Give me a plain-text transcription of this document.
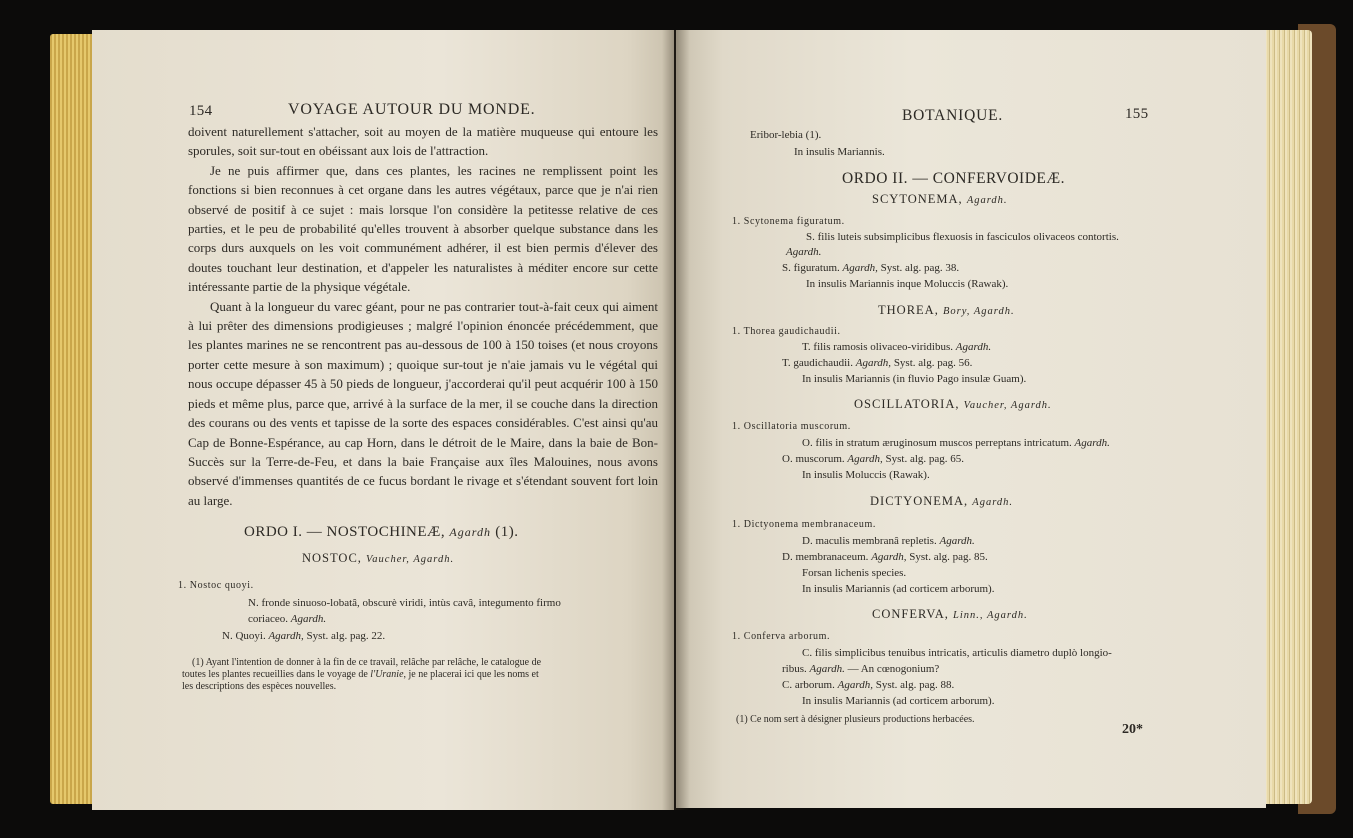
154	VOYAGE AUTOUR DU MONDE.

doivent naturellement s'attacher, soit au moyen de la matière muqueuse qui entoure les sporules, soit sur-tout en obéissant aux lois de l'attraction.

Je ne puis affirmer que, dans ces plantes, les racines ne remplissent point les fonctions si bien reconnues à cet organe dans les autres végétaux, parce que je n'ai rien observé de positif à ce sujet : mais lorsque l'on considère la petitesse relative de ces parties, et le peu de probabilité qu'elles trouvent à absorber quelque substance dans les corps durs auxquels on les voit communément adhérer, il est bien permis d'élever des doutes touchant leur destination, et d'appeler les naturalistes à méditer encore sur cette intéressante partie de la physique végétale.

Quant à la longueur du varec géant, pour ne pas contrarier tout-à-fait ceux qui aiment à lui prêter des dimensions prodigieuses ; malgré l'opinion énoncée précédemment, que les plantes marines ne se rencontrent pas au-dessous de 100 à 150 toises (et nous croyons porter cette mesure à son maximum) ; quoique sur-tout je n'aie jamais vu le végétal qui nous occupe dépasser 45 à 50 pieds de longueur, j'accorderai qu'il peut acquérir 100 à 150 pieds et même plus, parce que, arrivé à la surface de la mer, il se couche dans la direction des courans ou des vents et tapisse de la sorte des espaces considérables. C'est ainsi qu'au Cap de Bonne-Espérance, au cap Horn, dans le détroit de le Maire, dans la baie de Bon-Succès sur la Terre-de-Feu, et dans la baie Française aux îles Malouines, nous avons observé d'immenses quantités de ce fucus bordant le rivage et s'étendant souvent fort loin au large.

ORDO I. — NOSTOCHINEÆ, Agardh (1).
NOSTOC, Vaucher, Agardh.
1. Nostoc quoyi.
N. fronde sinuoso-lobatâ, obscurè viridi, intùs cavâ, integumento firmo
coriaceo. Agardh.
N. Quoyi. Agardh, Syst. alg. pag. 22.
(1) Ayant l'intention de donner à la fin de ce travail, relâche par relâche, le catalogue de
toutes les plantes recueillies dans le voyage de l'Uranie, je ne placerai ici que les noms et
les descriptions des espèces nouvelles.
BOTANIQUE.	155
Eribor-lebia (1).
In insulis Mariannis.
ORDO II. — CONFERVOIDEÆ.
SCYTONEMA, Agardh.
1. Scytonema figuratum.
S. filis luteis subsimplicibus flexuosis in fasciculos olivaceos contortis.
Agardh.
S. figuratum. Agardh, Syst. alg. pag. 38.
In insulis Mariannis inque Moluccis (Rawak).
THOREA, Bory, Agardh.
1. Thorea gaudichaudii.
T. filis ramosis olivaceo-viridibus. Agardh.
T. gaudichaudii. Agardh, Syst. alg. pag. 56.
In insulis Mariannis (in fluvio Pago insulæ Guam).
OSCILLATORIA, Vaucher, Agardh.
1. Oscillatoria muscorum.
O. filis in stratum æruginosum muscos perreptans intricatum. Agardh.
O. muscorum. Agardh, Syst. alg. pag. 65.
In insulis Moluccis (Rawak).
DICTYONEMA, Agardh.
1. Dictyonema membranaceum.
D. maculis membranâ repletis. Agardh.
D. membranaceum. Agardh, Syst. alg. pag. 85.
Forsan lichenis species.
In insulis Mariannis (ad corticem arborum).
CONFERVA, Linn., Agardh.
1. Conferva arborum.
C. filis simplicibus tenuibus intricatis, articulis diametro duplò longio-
ribus. Agardh. — An cœnogonium?
C. arborum. Agardh, Syst. alg. pag. 88.
In insulis Mariannis (ad corticem arborum).
(1) Ce nom sert à désigner plusieurs productions herbacées.
20*
